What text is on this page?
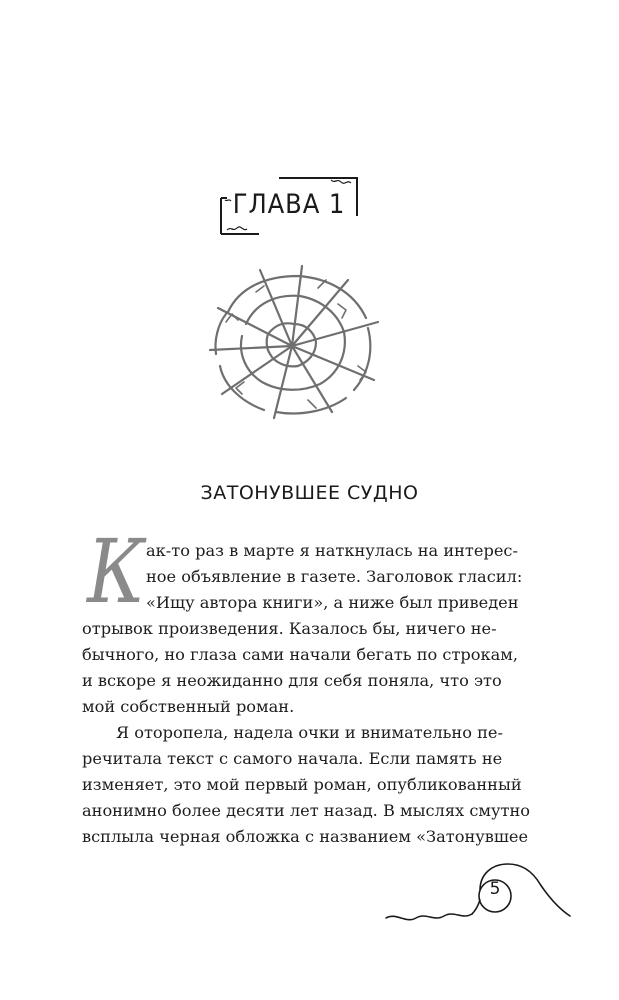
ГЛАВА 1
ЗАТОНУВШЕЕ СУДНО
К ак-то раз в марте я наткнулась на интерес-
ное объявление в газете. Заголовок гласил:
«Ищу автора книги», а ниже был приведен
отрывок произведения. Казалось бы, ничего не-
бычного, но глаза сами начали бегать по строкам,
и вскоре я неожиданно для себя поняла, что это
мой собственный роман.
Я оторопела, надела очки и внимательно пе-
речитала текст с самого начала. Если память не
изменяет, это мой первый роман, опубликованный
анонимно более десяти лет назад. В мыслях смутно
всплыла черная обложка с названием «Затонувшее
5
